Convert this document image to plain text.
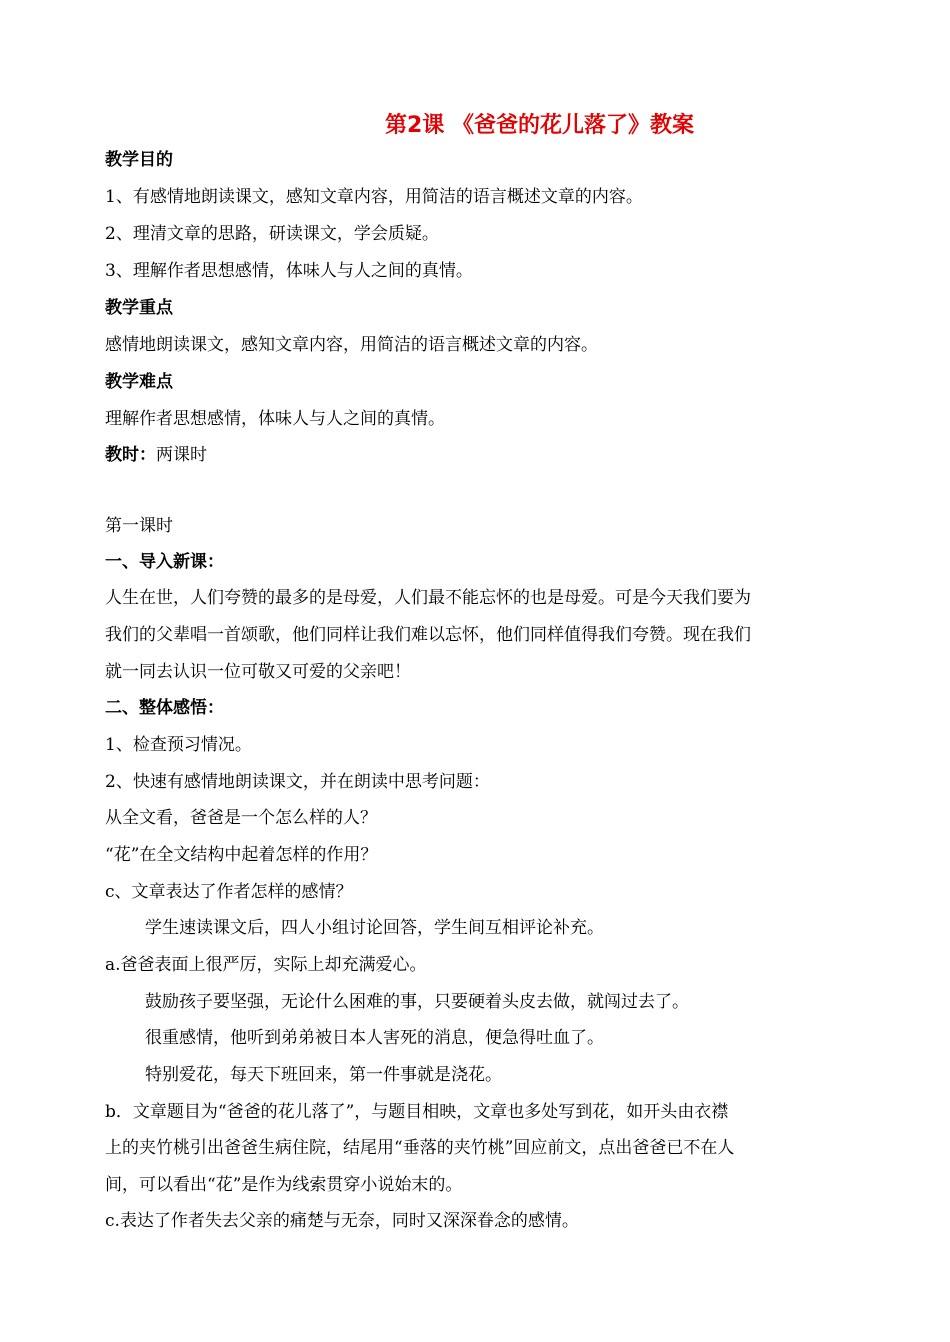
第2课 《爸爸的花儿落了》教案
教学目的
1、有感情地朗读课文，感知文章内容，用简洁的语言概述文章的内容。
2、理清文章的思路，研读课文，学会质疑。
3、理解作者思想感情，体味人与人之间的真情。
教学重点
感情地朗读课文，感知文章内容，用简洁的语言概述文章的内容。
教学难点
理解作者思想感情，体味人与人之间的真情。
教时：两课时
第一课时
一、导入新课：
人生在世，人们夸赞的最多的是母爱，人们最不能忘怀的也是母爱。可是今天我们要为
我们的父辈唱一首颂歌，他们同样让我们难以忘怀，他们同样值得我们夸赞。现在我们
就一同去认识一位可敬又可爱的父亲吧！
二、整体感悟：
1、检查预习情况。
2、快速有感情地朗读课文，并在朗读中思考问题：
从全文看，爸爸是一个怎么样的人？
“花”在全文结构中起着怎样的作用？
c、文章表达了作者怎样的感情？
学生速读课文后，四人小组讨论回答，学生间互相评论补充。
a.爸爸表面上很严厉，实际上却充满爱心。
鼓励孩子要坚强，无论什么困难的事，只要硬着头皮去做，就闯过去了。
很重感情，他听到弟弟被日本人害死的消息，便急得吐血了。
特别爱花，每天下班回来，第一件事就是浇花。
b．文章题目为“爸爸的花儿落了”，与题目相映，文章也多处写到花，如开头由衣襟
上的夹竹桃引出爸爸生病住院，结尾用“垂落的夹竹桃”回应前文，点出爸爸已不在人
间，可以看出“花”是作为线索贯穿小说始末的。
c.表达了作者失去父亲的痛楚与无奈，同时又深深眷念的感情。
